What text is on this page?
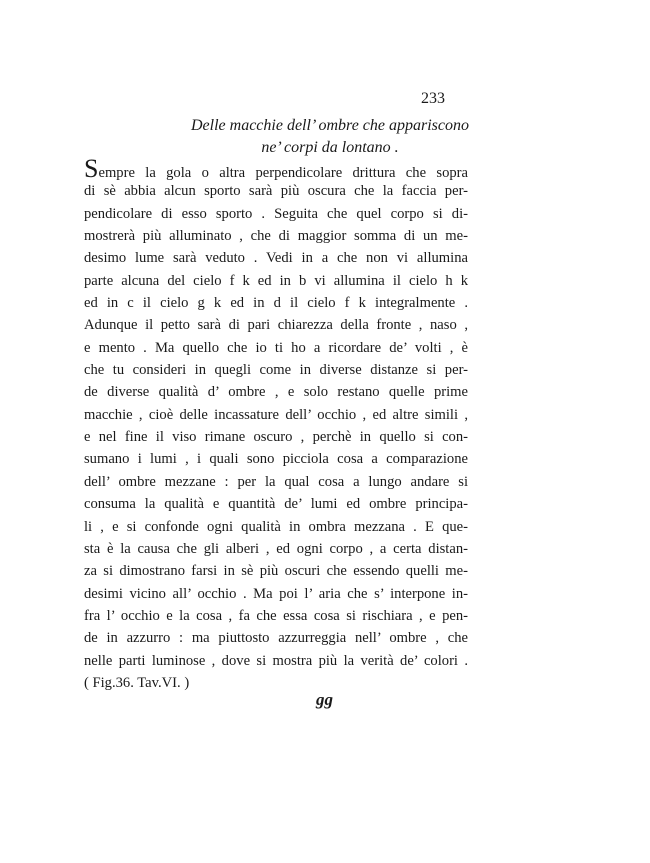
233
Delle macchie dell’ ombre che appariscono
ne’ corpi da lontano .
Sempre la gola o altra perpendicolare drittura che sopra
di sè abbia alcun sporto sarà più oscura che la faccia per-
pendicolare di esso sporto . Seguita che quel corpo si di-
mostrerà più alluminato , che di maggior somma di un me-
desimo lume sarà veduto . Vedi in a che non vi allumina
parte alcuna del cielo f k ed in b vi allumina il cielo h k
ed in c il cielo g k ed in d il cielo f k integralmente .
Adunque il petto sarà di pari chiarezza della fronte , naso ,
e mento . Ma quello che io ti ho a ricordare de’ volti , è
che tu consideri in quegli come in diverse distanze si per-
de diverse qualità d’ ombre , e solo restano quelle prime
macchie , cioè delle incassature dell’ occhio , ed altre simili ,
e nel fine il viso rimane oscuro , perchè in quello si con-
sumano i lumi , i quali sono picciola cosa a comparazione
dell’ ombre mezzane : per la qual cosa a lungo andare si
consuma la qualità e quantità de’ lumi ed ombre principa-
li , e si confonde ogni qualità in ombra mezzana . E que-
sta è la causa che gli alberi , ed ogni corpo , a certa distan-
za si dimostrano farsi in sè più oscuri che essendo quelli me-
desimi vicino all’ occhio . Ma poi l’ aria che s’ interpone in-
fra l’ occhio e la cosa , fa che essa cosa si rischiara , e pen-
de in azzurro : ma piuttosto azzurreggia nell’ ombre , che
nelle parti luminose , dove si mostra più la verità de’ colori .
( Fig.36. Tav.VI. )
gg
